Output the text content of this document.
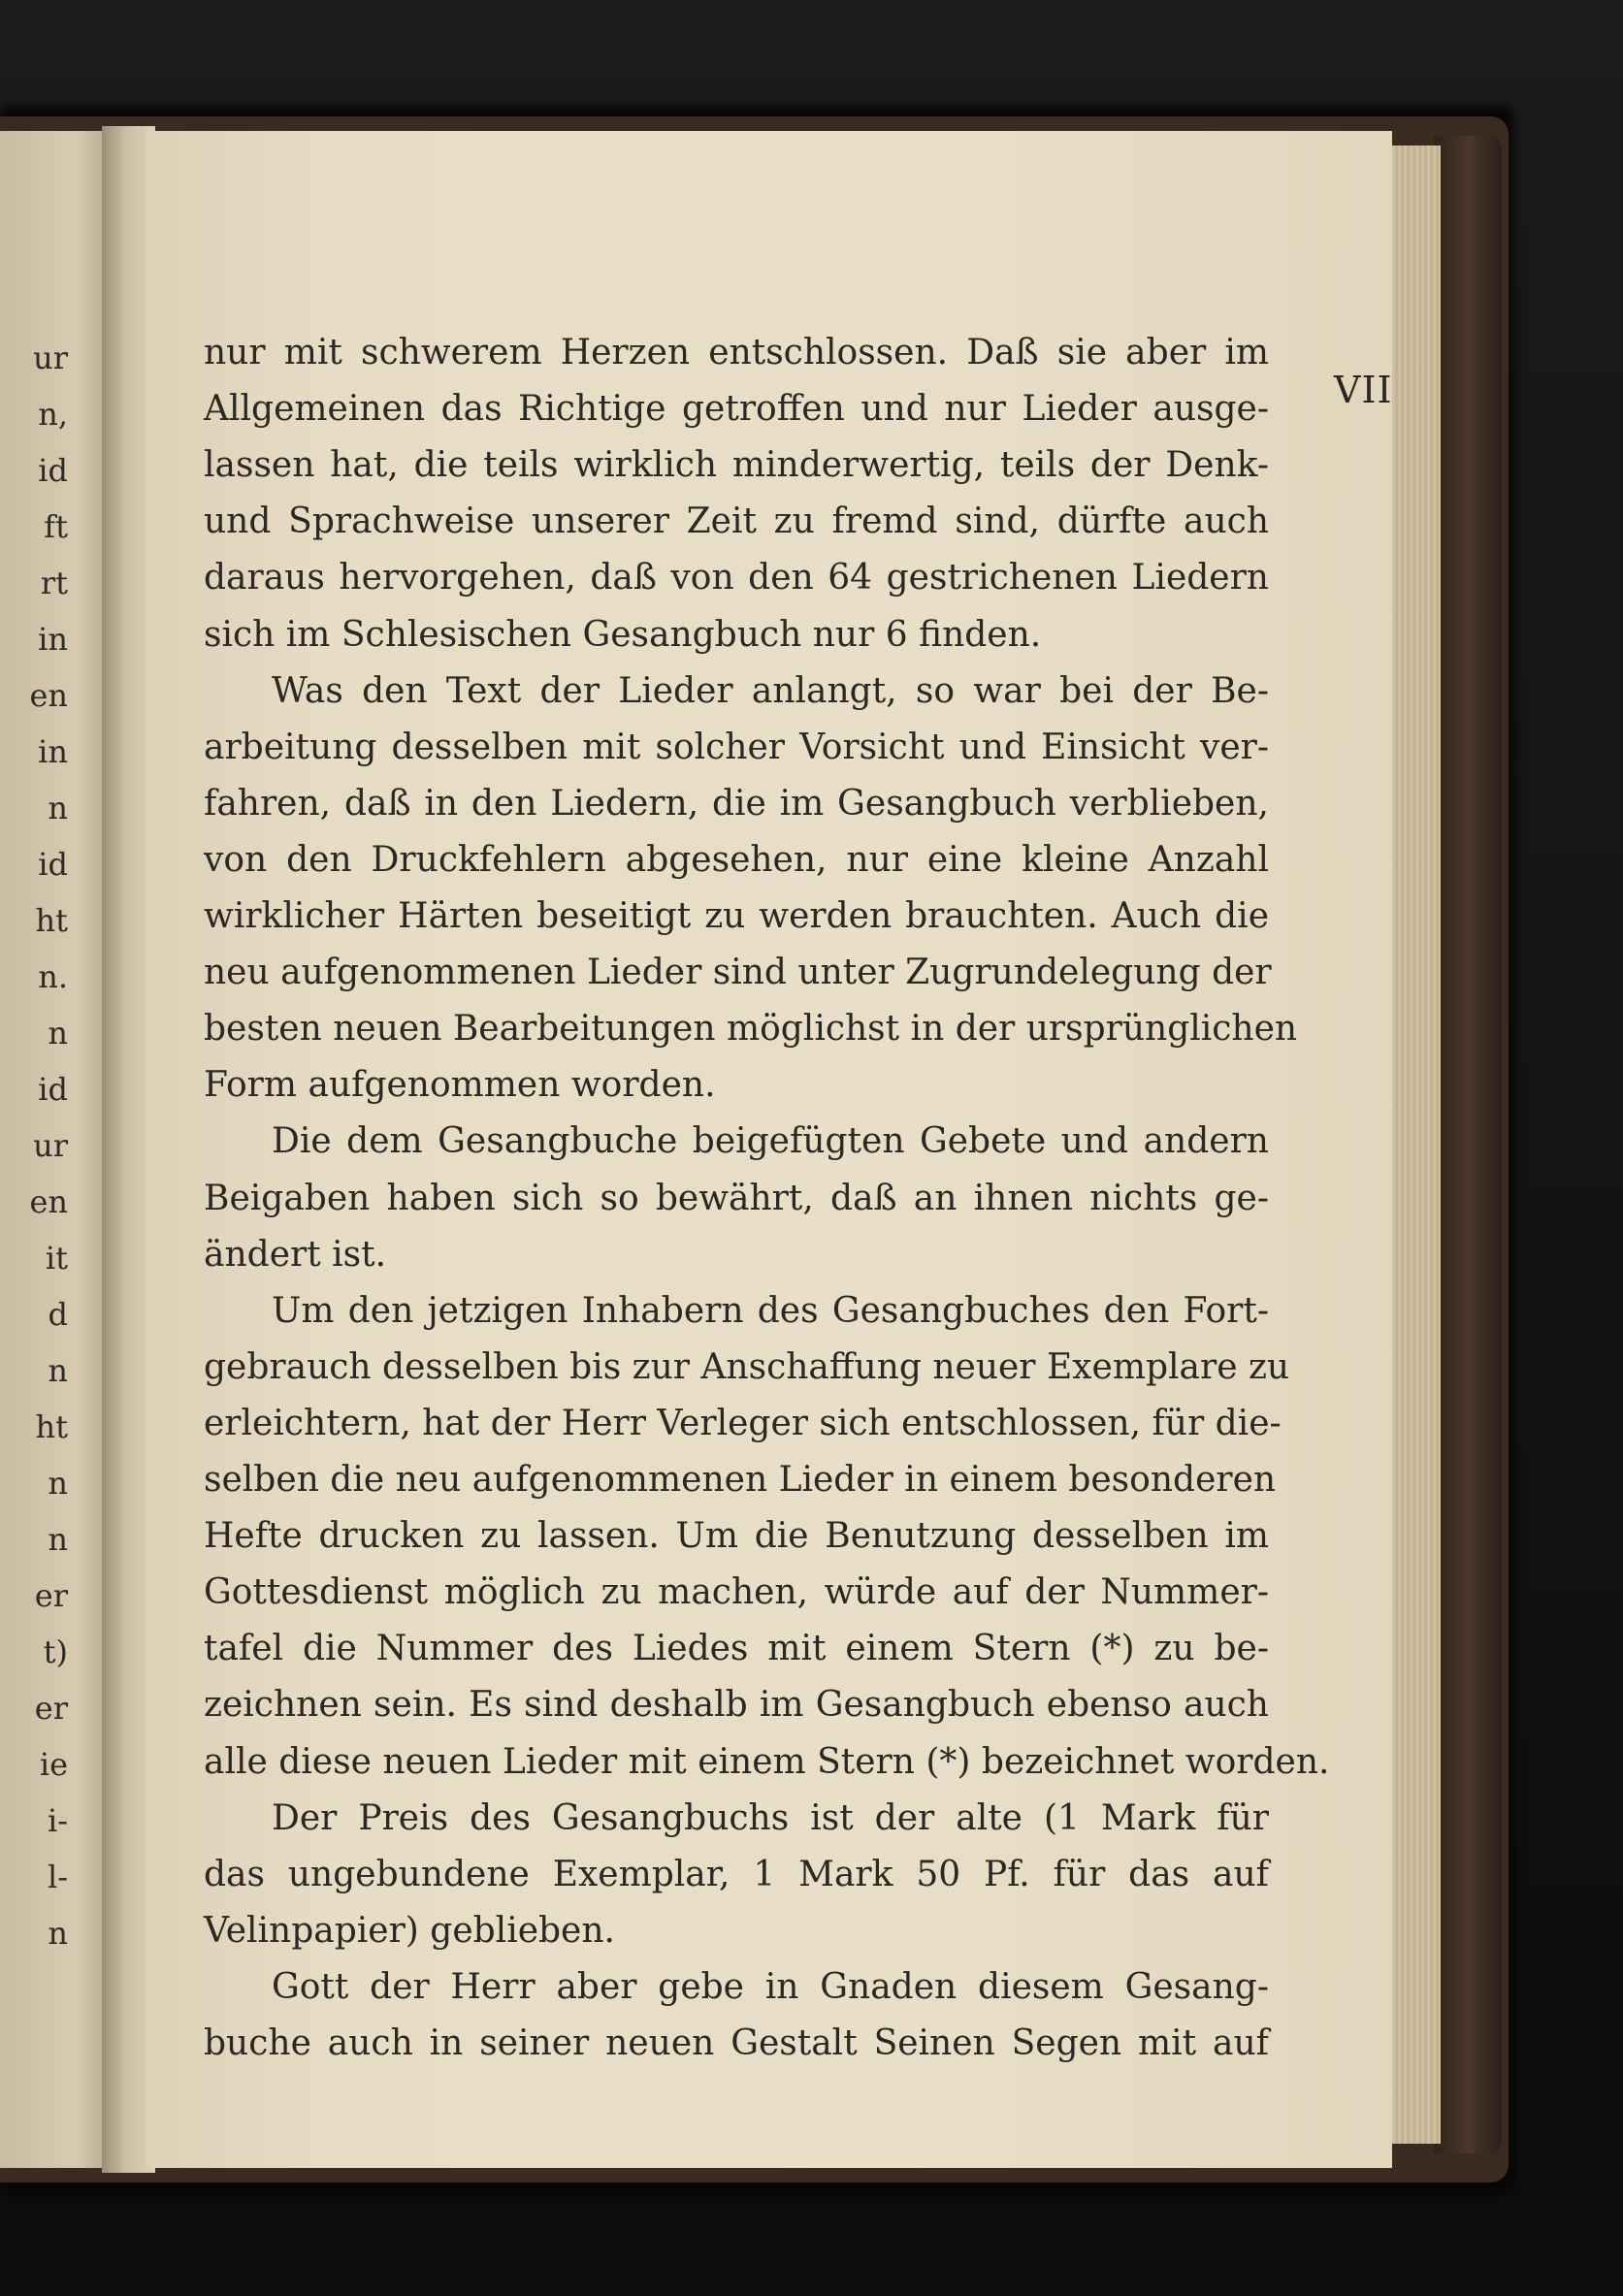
ur
n,
id
ft
rt
in
en
in
n
id
ht
n.
n
id
ur
en
it
d
n
ht
n
n
er
t)
er
ie
i-
l-
n
VII
nur mit schwerem Herzen entschlossen. Daß sie aber im
Allgemeinen das Richtige getroffen und nur Lieder ausge-
lassen hat, die teils wirklich minderwertig, teils der Denk-
und Sprachweise unserer Zeit zu fremd sind, dürfte auch
daraus hervorgehen, daß von den 64 gestrichenen Liedern
sich im Schlesischen Gesangbuch nur 6 finden.
Was den Text der Lieder anlangt, so war bei der Be-
arbeitung desselben mit solcher Vorsicht und Einsicht ver-
fahren, daß in den Liedern, die im Gesangbuch verblieben,
von den Druckfehlern abgesehen, nur eine kleine Anzahl
wirklicher Härten beseitigt zu werden brauchten. Auch die
neu aufgenommenen Lieder sind unter Zugrundelegung der
besten neuen Bearbeitungen möglichst in der ursprünglichen
Form aufgenommen worden.
Die dem Gesangbuche beigefügten Gebete und andern
Beigaben haben sich so bewährt, daß an ihnen nichts ge-
ändert ist.
Um den jetzigen Inhabern des Gesangbuches den Fort-
gebrauch desselben bis zur Anschaffung neuer Exemplare zu
erleichtern, hat der Herr Verleger sich entschlossen, für die-
selben die neu aufgenommenen Lieder in einem besonderen
Hefte drucken zu lassen. Um die Benutzung desselben im
Gottesdienst möglich zu machen, würde auf der Nummer-
tafel die Nummer des Liedes mit einem Stern (*) zu be-
zeichnen sein. Es sind deshalb im Gesangbuch ebenso auch
alle diese neuen Lieder mit einem Stern (*) bezeichnet worden.
Der Preis des Gesangbuchs ist der alte (1 Mark für
das ungebundene Exemplar, 1 Mark 50 Pf. für das auf
Velinpapier) geblieben.
Gott der Herr aber gebe in Gnaden diesem Gesang-
buche auch in seiner neuen Gestalt Seinen Segen mit auf
